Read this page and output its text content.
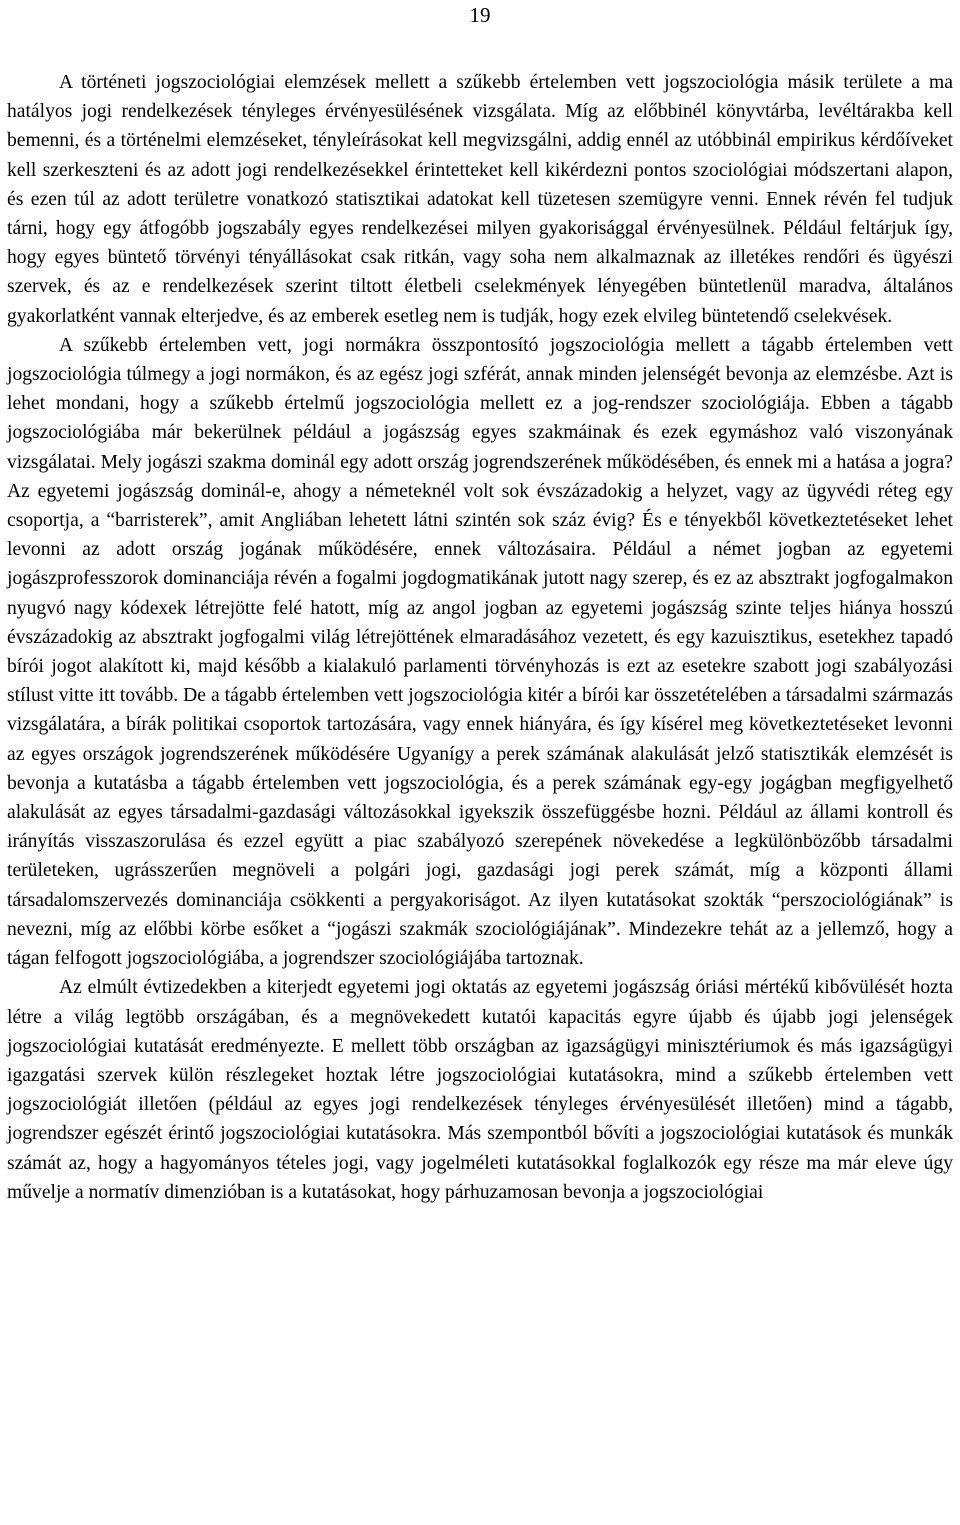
19

A történeti jogszociológiai elemzések mellett a szűkebb értelemben vett jogszociológia másik területe a ma hatályos jogi rendelkezések tényleges érvényesülésének vizsgálata. Míg az előbbinél könyvtárba, levéltárakba kell bemenni, és a történelmi elemzéseket, tényleírásokat kell megvizsgálni, addig ennél az utóbbinál empirikus kérdőíveket kell szerkeszteni és az adott jogi rendelkezésekkel érintetteket kell kikérdezni pontos szociológiai módszertani alapon, és ezen túl az adott területre vonatkozó statisztikai adatokat kell tüzetesen szemügyre venni. Ennek révén fel tudjuk tárni, hogy egy átfogóbb jogszabály egyes rendelkezései milyen gyakorisággal érvényesülnek. Például feltárjuk így, hogy egyes büntető törvényi tényállásokat csak ritkán, vagy soha nem alkalmaznak az illetékes rendőri és ügyészi szervek, és az e rendelkezések szerint tiltott életbeli cselekmények lényegében büntetlenül maradva, általános gyakorlatként vannak elterjedve, és az emberek esetleg nem is tudják, hogy ezek elvileg büntetendő cselekvések.

A szűkebb értelemben vett, jogi normákra összpontosító jogszociológia mellett a tágabb értelemben vett jogszociológia túlmegy a jogi normákon, és az egész jogi szférát, annak minden jelenségét bevonja az elemzésbe. Azt is lehet mondani, hogy a szűkebb értelmű jogszociológia mellett ez a jog-rendszer szociológiája. Ebben a tágabb jogszociológiába már bekerülnek például a jogászság egyes szakmáinak és ezek egymáshoz való viszonyának vizsgálatai. Mely jogászi szakma dominál egy adott ország jogrendszerének működésében, és ennek mi a hatása a jogra? Az egyetemi jogászság dominál-e, ahogy a németeknél volt sok évszázadokig a helyzet, vagy az ügyvédi réteg egy csoportja, a “barristerek”, amit Angliában lehetett látni szintén sok száz évig? És e tényekből következtetéseket lehet levonni az adott ország jogának működésére, ennek változásaira. Például a német jogban az egyetemi jogászprofesszorok dominanciája révén a fogalmi jogdogmatikának jutott nagy szerep, és ez az absztrakt jogfogalmakon nyugvó nagy kódexek létrejötte felé hatott, míg az angol jogban az egyetemi jogászság szinte teljes hiánya hosszú évszázadokig az absztrakt jogfogalmi világ létrejöttének elmaradásához vezetett, és egy kazuisztikus, esetekhez tapadó bírói jogot alakított ki, majd később a kialakuló parlamenti törvényhozás is ezt az esetekre szabott jogi szabályozási stílust vitte itt tovább. De a tágabb értelemben vett jogszociológia kitér a bírói kar összetételében a társadalmi származás vizsgálatára, a bírák politikai csoportok tartozására, vagy ennek hiányára, és így kísérel meg következtetéseket levonni az egyes országok jogrendszerének működésére Ugyanígy a perek számának alakulását jelző statisztikák elemzését is bevonja a kutatásba a tágabb értelemben vett jogszociológia, és a perek számának egy-egy jogágban megfigyelhető alakulását az egyes társadalmi-gazdasági változásokkal igyekszik összefüggésbe hozni. Például az állami kontroll és irányítás visszaszorulása és ezzel együtt a piac szabályozó szerepének növekedése a legkülönbözőbb társadalmi területeken, ugrásszerűen megnöveli a polgári jogi, gazdasági jogi perek számát, míg a központi állami társadalomszervezés dominanciája csökkenti a pergyakoriságot. Az ilyen kutatásokat szokták “perszociológiának” is nevezni, míg az előbbi körbe esőket a “jogászi szakmák szociológiájának”. Mindezekre tehát az a jellemző, hogy a tágan felfogott jogszociológiába, a jogrendszer szociológiájába tartoznak.

Az elmúlt évtizedekben a kiterjedt egyetemi jogi oktatás az egyetemi jogászság óriási mértékű kibővülését hozta létre a világ legtöbb országában, és a megnövekedett kutatói kapacitás egyre újabb és újabb jogi jelenségek jogszociológiai kutatását eredményezte. E mellett több országban az igazságügyi minisztériumok és más igazságügyi igazgatási szervek külön részlegeket hoztak létre jogszociológiai kutatásokra, mind a szűkebb értelemben vett jogszociológiát illetően (például az egyes jogi rendelkezések tényleges érvényesülését illetően) mind a tágabb, jogrendszer egészét érintő jogszociológiai kutatásokra. Más szempontból bővíti a jogszociológiai kutatások és munkák számát az, hogy a hagyományos tételes jogi, vagy jogelméleti kutatásokkal foglalkozók egy része ma már eleve úgy művelje a normatív dimenzióban is a kutatásokat, hogy párhuzamosan bevonja a jogszociológiai
